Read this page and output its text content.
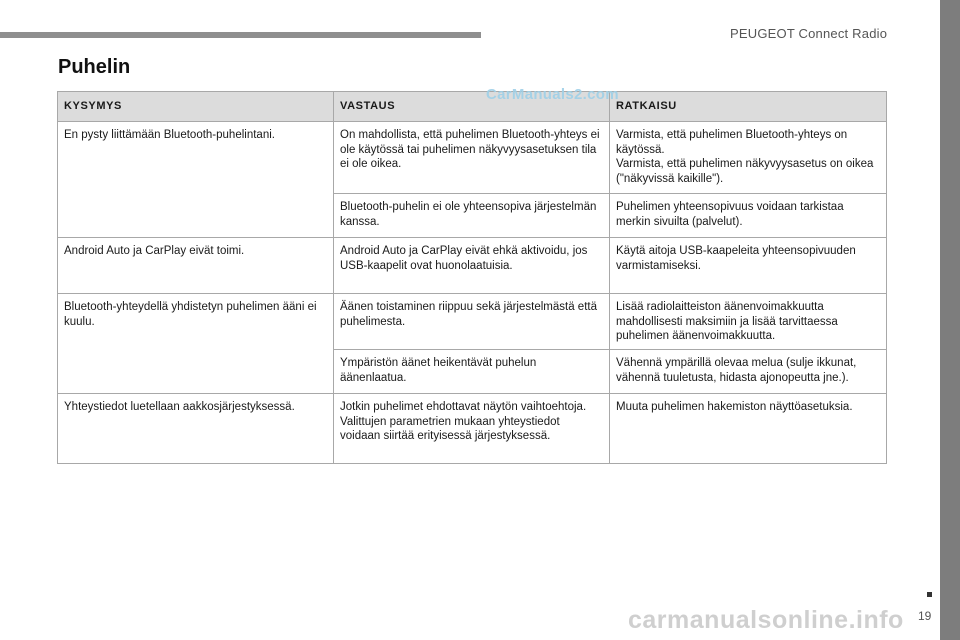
PEUGEOT Connect Radio
19
Puhelin
KYSYMYS	VASTAUS	RATKAISU
En pysty liittämään Bluetooth-puhelintani.	On mahdollista, että puhelimen Bluetooth-yhteys ei ole käytössä tai puhelimen näkyvyysasetuksen tila ei ole oikea.	Varmista, että puhelimen Bluetooth-yhteys on käytössä.
Varmista, että puhelimen näkyvyysasetus on oikea ("näkyvissä kaikille").
	Bluetooth-puhelin ei ole yhteensopiva järjestelmän kanssa.	Puhelimen yhteensopivuus voidaan tarkistaa merkin sivuilta (palvelut).
Android Auto ja CarPlay eivät toimi.	Android Auto ja CarPlay eivät ehkä aktivoidu, jos USB-kaapelit ovat huonolaatuisia.	Käytä aitoja USB-kaapeleita yhteensopivuuden varmistamiseksi.
Bluetooth-yhteydellä yhdistetyn puhelimen ääni ei kuulu.	Äänen toistaminen riippuu sekä järjestelmästä että puhelimesta.	Lisää radiolaitteiston äänenvoimakkuutta mahdollisesti maksimiin ja lisää tarvittaessa puhelimen äänenvoimakkuutta.
	Ympäristön äänet heikentävät puhelun äänenlaatua.	Vähennä ympärillä olevaa melua (sulje ikkunat, vähennä tuuletusta, hidasta ajonopeutta jne.).
Yhteystiedot luetellaan aakkosjärjestyksessä.	Jotkin puhelimet ehdottavat näytön vaihtoehtoja. Valittujen parametrien mukaan yhteystiedot voidaan siirtää erityisessä järjestyksessä.	Muuta puhelimen hakemiston näyttöasetuksia.
CarManuals2.com
carmanualsonline.info
